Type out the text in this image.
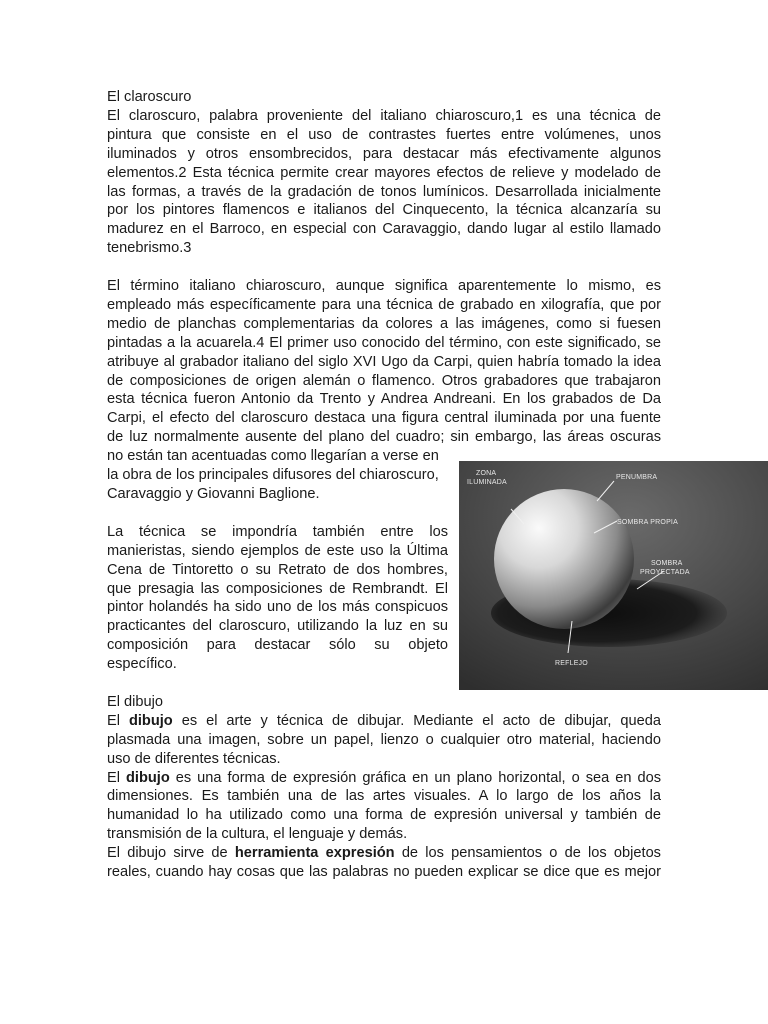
El claroscuro
El claroscuro, palabra proveniente del italiano chiaroscuro,1 es una técnica de
pintura que consiste en el uso de contrastes fuertes entre volúmenes, unos
iluminados y otros ensombrecidos, para destacar más efectivamente algunos
elementos.2 Esta técnica permite crear mayores efectos de relieve y modelado de
las formas, a través de la gradación de tonos lumínicos. Desarrollada inicialmente
por los pintores flamencos e italianos del Cinquecento, la técnica alcanzaría su
madurez en el Barroco, en especial con Caravaggio, dando lugar al estilo llamado
tenebrismo.3
El término italiano chiaroscuro, aunque significa aparentemente lo mismo, es
empleado más específicamente para una técnica de grabado en xilografía, que por
medio de planchas complementarias da colores a las imágenes, como si fuesen
pintadas a la acuarela.4 El primer uso conocido del término, con este significado, se
atribuye al grabador italiano del siglo XVI Ugo da Carpi, quien habría tomado la idea
de composiciones de origen alemán o flamenco. Otros grabadores que trabajaron
esta técnica fueron Antonio da Trento y Andrea Andreani. En los grabados de Da
Carpi, el efecto del claroscuro destaca una figura central iluminada por una fuente
de luz normalmente ausente del plano del cuadro; sin embargo, las áreas oscuras
no están tan acentuadas como llegarían a verse en
la obra de los principales difusores del chiaroscuro,
Caravaggio y Giovanni Baglione.
La técnica se impondría también entre los
manieristas, siendo ejemplos de este uso la Última
Cena de Tintoretto o su Retrato de dos hombres,
que presagia las composiciones de Rembrandt. El
pintor holandés ha sido uno de los más conspicuos
practicantes del claroscuro, utilizando la luz en su
composición para destacar sólo su objeto
específico.
El dibujo
El dibujo es el arte y técnica de dibujar. Mediante el acto de dibujar, queda
plasmada una imagen, sobre un papel, lienzo o cualquier otro material, haciendo
uso de diferentes técnicas.
El dibujo es una forma de expresión gráfica en un plano horizontal, o sea en dos
dimensiones. Es también una de las artes visuales. A lo largo de los años la
humanidad lo ha utilizado como una forma de expresión universal y también de
transmisión de la cultura, el lenguaje y demás.
El dibujo sirve de herramienta expresión de los pensamientos o de los objetos
reales, cuando hay cosas que las palabras no pueden explicar se dice que es mejor
ZONA
ILUMINADA
PENUMBRA
SOMBRA PROPIA
SOMBRA
PROYECTADA
REFLEJO
